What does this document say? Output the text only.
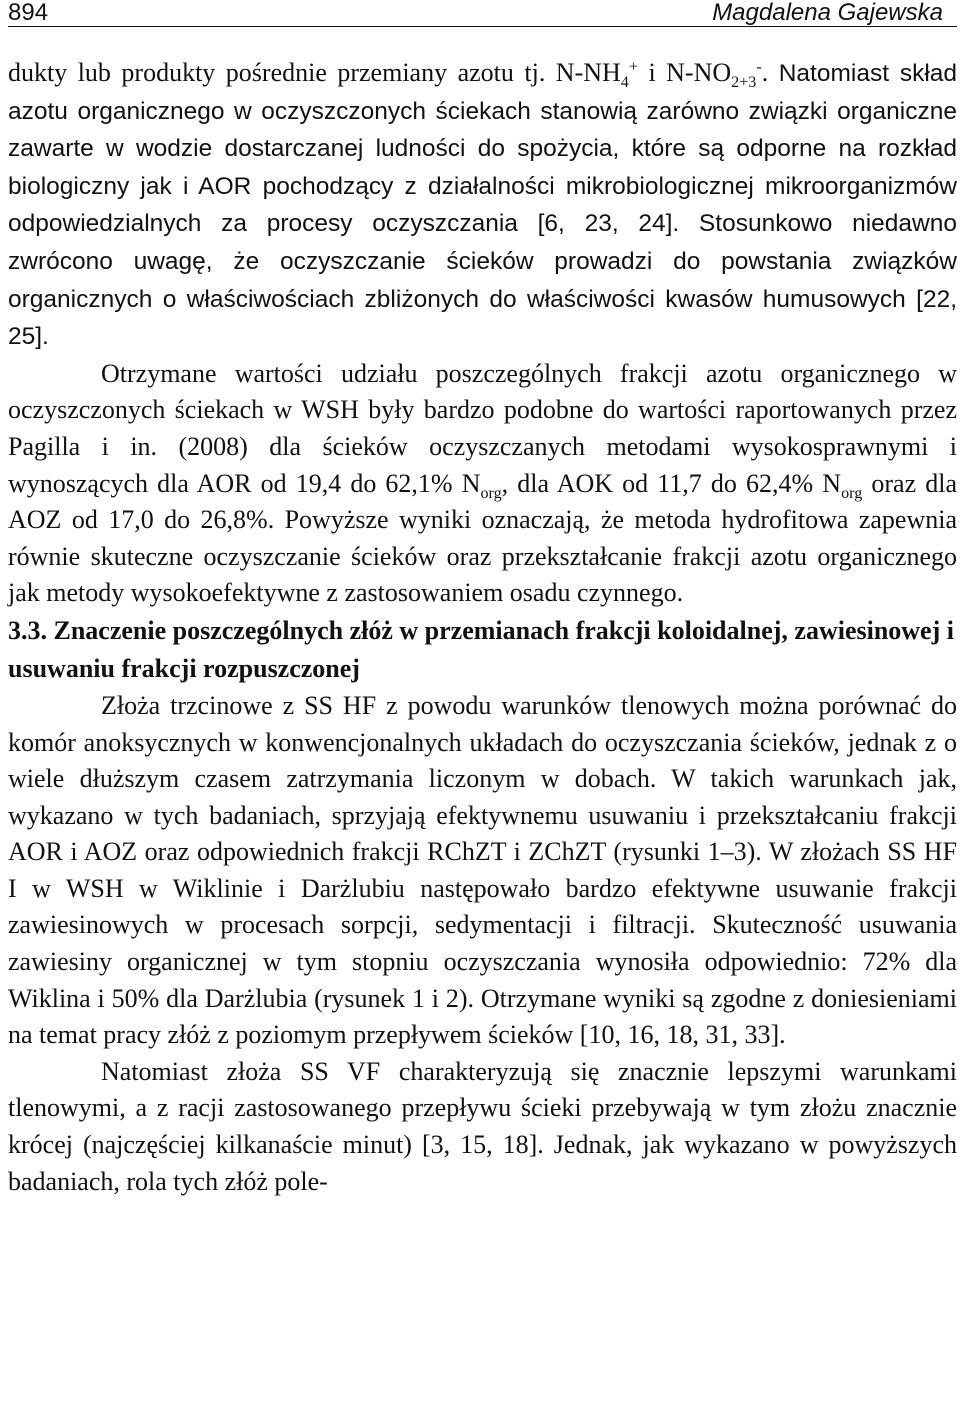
894	Magdalena Gajewska

dukty lub produkty pośrednie przemiany azotu tj. $N-NH_4^+$ i $N-NO_{2+3}^-$. Natomiast skład azotu organicznego w oczyszczonych ściekach stanowią zarówno związki organiczne zawarte w wodzie dostarczanej ludności do spożycia, które są odporne na rozkład biologiczny jak i AOR pochodzący z działalności mikrobiologicznej mikroorganizmów odpowiedzialnych za procesy oczyszczania [6, 23, 24]. Stosunkowo niedawno zwrócono uwagę, że oczyszczanie ścieków prowadzi do powstania związków organicznych o właściwościach zbliżonych do właściwości kwasów humusowych [22, 25].

Otrzymane wartości udziału poszczególnych frakcji azotu organicznego w oczyszczonych ściekach w WSH były bardzo podobne do wartości raportowanych przez Pagilla i in. (2008) dla ścieków oczyszczanych metodami wysokosprawnymi i wynoszących dla AOR od 19,4 do 62,1% $N_{org}$, dla AOK od 11,7 do 62,4% $N_{org}$ oraz dla AOZ od 17,0 do 26,8%. Powyższe wyniki oznaczają, że metoda hydrofitowa zapewnia równie skuteczne oczyszczanie ścieków oraz przekształcanie frakcji azotu organicznego jak metody wysokoefektywne z zastosowaniem osadu czynnego.

3.3. Znaczenie poszczególnych złóż w przemianach frakcji koloidalnej, zawiesinowej i usuwaniu frakcji rozpuszczonej

Złoża trzcinowe z SS HF z powodu warunków tlenowych można porównać do komór anoksycznych w konwencjonalnych układach do oczyszczania ścieków, jednak z o wiele dłuższym czasem zatrzymania liczonym w dobach. W takich warunkach jak, wykazano w tych badaniach, sprzyjają efektywnemu usuwaniu i przekształcaniu frakcji AOR i AOZ oraz odpowiednich frakcji RChZT i ZChZT (rysunki 1–3). W złożach SS HF I w WSH w Wiklinie i Darżlubiu następowało bardzo efektywne usuwanie frakcji zawiesinowych w procesach sorpcji, sedymentacji i filtracji. Skuteczność usuwania zawiesiny organicznej w tym stopniu oczyszczania wynosiła odpowiednio: 72% dla Wiklina i 50% dla Darżlubia (rysunek 1 i 2). Otrzymane wyniki są zgodne z doniesieniami na temat pracy złóż z poziomym przepływem ścieków [10, 16, 18, 31, 33].

Natomiast złoża SS VF charakteryzują się znacznie lepszymi warunkami tlenowymi, a z racji zastosowanego przepływu ścieki przebywają w tym złożu znacznie krócej (najczęściej kilkanaście minut) [3, 15, 18]. Jednak, jak wykazano w powyższych badaniach, rola tych złóż pole-
